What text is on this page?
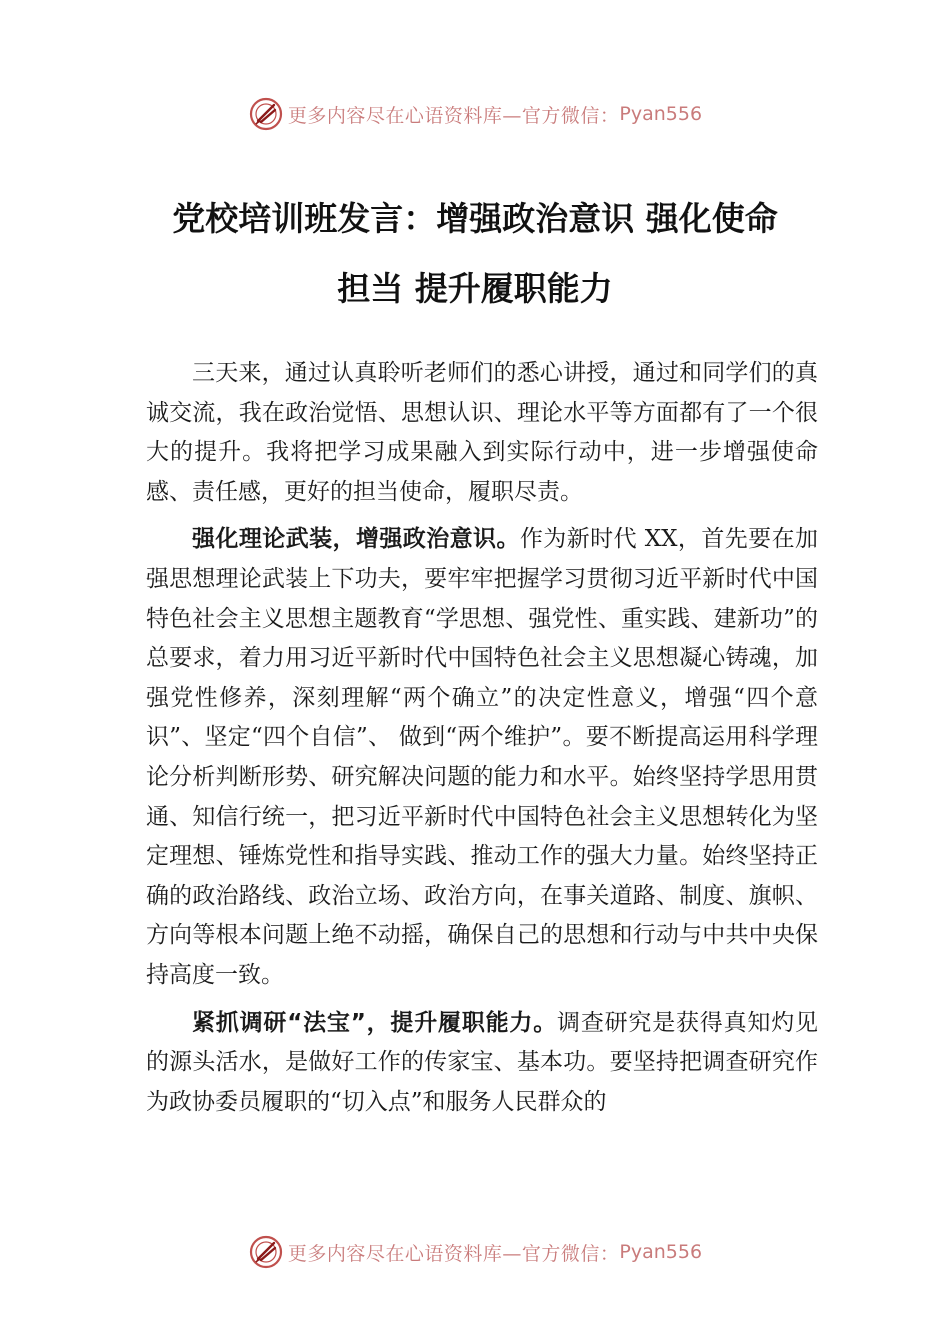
更多内容尽在心语资料库—官方微信： Pyan556
党校培训班发言：增强政治意识 强化使命
担当 提升履职能力

三天来，通过认真聆听老师们的悉心讲授，通过和同学们的真诚交流，我在政治觉悟、思想认识、理论水平等方面都有了一个很大的提升。我将把学习成果融入到实际行动中，进一步增强使命感、责任感，更好的担当使命，履职尽责。

强化理论武装，增强政治意识。作为新时代 XX，首先要在加强思想理论武装上下功夫，要牢牢把握学习贯彻习近平新时代中国特色社会主义思想主题教育“学思想、强党性、重实践、建新功”的总要求，着力用习近平新时代中国特色社会主义思想凝心铸魂，加强党性修养，深刻理解“两个确立”的决定性意义，增强“四个意识”、坚定“四个自信”、 做到“两个维护”。要不断提高运用科学理论分析判断形势、研究解决问题的能力和水平。始终坚持学思用贯通、知信行统一，把习近平新时代中国特色社会主义思想转化为坚定理想、锤炼党性和指导实践、推动工作的强大力量。始终坚持正确的政治路线、政治立场、政治方向，在事关道路、制度、旗帜、方向等根本问题上绝不动摇，确保自己的思想和行动与中共中央保持高度一致。

紧抓调研“法宝”，提升履职能力。调查研究是获得真知灼见的源头活水，是做好工作的传家宝、基本功。要坚持把调查研究作为政协委员履职的“切入点”和服务人民群众的

更多内容尽在心语资料库—官方微信： Pyan556
